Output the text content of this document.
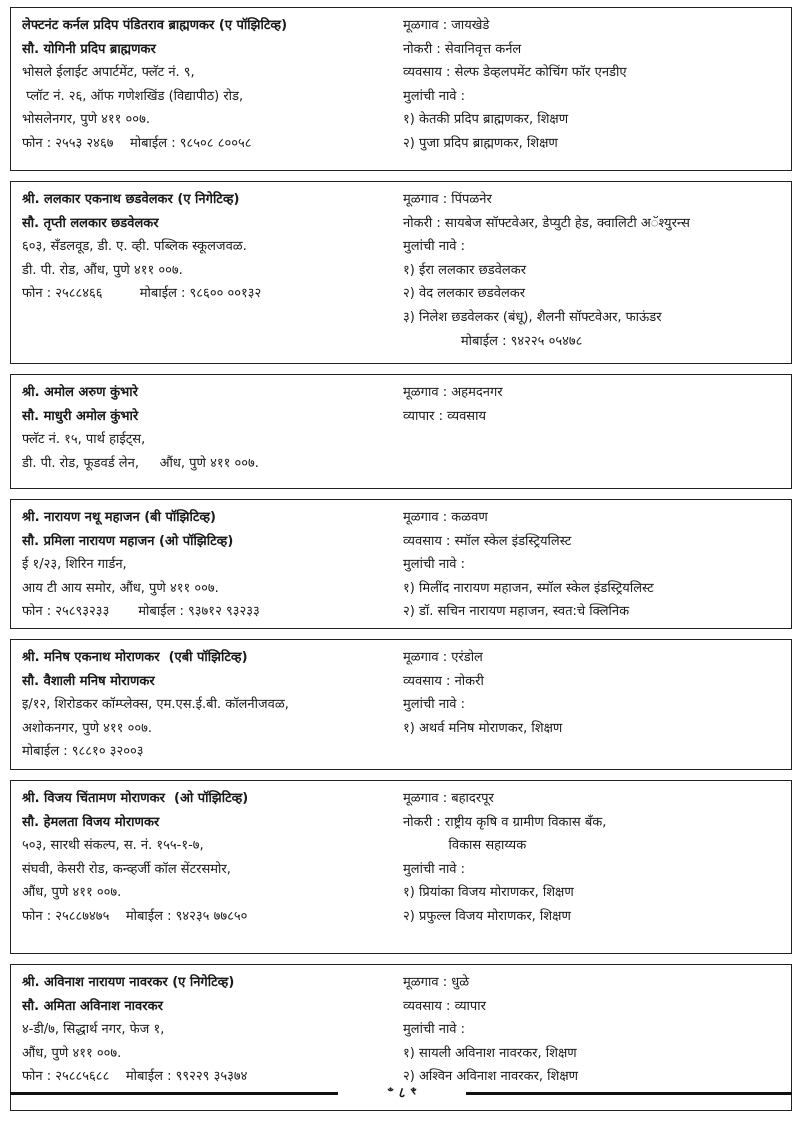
लेफ्टनंट कर्नल प्रदिप पंडितराव ब्राह्मणकर (ए पॉझिटिव्ह)
सौ. योगिनी प्रदिप ब्राह्मणकर
भोसले ईलाईट अपार्टमेंट, फ्लॅट नं. ९,
प्लॉट नं. २६, ऑफ गणेशखिंड (विद्यापीठ) रोड,
भोसलेनगर, पुणे ४११ ००७.
फोन : २५५३ २४६७    मोबाईल : ९८५०८ ८००५८
मूळगाव : जायखेडे
नोकरी : सेवानिवृत्त कर्नल
व्यवसाय : सेल्फ डेव्हलपमेंट कोचिंग फॉर एनडीए
मुलांची नावे :
१) केतकी प्रदिप ब्राह्मणकर, शिक्षण
२) पुजा प्रदिप ब्राह्मणकर, शिक्षण
श्री. ललकार एकनाथ छडवेलकर (ए निगेटिव्ह)
सौ. तृप्ती ललकार छडवेलकर
६०३, सँडलवूड, डी. ए. व्ही. पब्लिक स्कूलजवळ.
डी. पी. रोड, औंध, पुणे ४११ ००७.
फोन : २५८८४६६         मोबाईल : ९८६०० ००१३२
मूळगाव : पिंपळनेर
नोकरी : सायबेज सॉफ्टवेअर, डेप्युटी हेड, क्वालिटी अॅश्युरन्स
मुलांची नावे :
१) ईरा ललकार छडवेलकर
२) वेद ललकार छडवेलकर
३) निलेश छडवेलकर (बंधू), शैलनी सॉफ्टवेअर, फाऊंडर
मोबाईल : ९४२२५ ०५४७८
श्री. अमोल अरुण कुंभारे
सौ. माधुरी अमोल कुंभारे
फ्लॅट नं. १५, पार्थ हाईट्स,
डी. पी. रोड, फूडवर्ड लेन,     औंध, पुणे ४११ ००७.
मूळगाव : अहमदनगर
व्यापार : व्यवसाय
श्री. नारायण नथू महाजन (बी पॉझिटिव्ह)
सौ. प्रमिला नारायण महाजन (ओ पॉझिटिव्ह)
ई १/२३, शिरिन गार्डन,
आय टी आय समोर, औंध, पुणे ४११ ००७.
फोन : २५८९३२३३       मोबाईल : ९३७१२ ९३२३३
मूळगाव : कळवण
व्यवसाय : स्मॉल स्केल इंडस्ट्रियलिस्ट
मुलांची नावे :
१) मिलींद नारायण महाजन, स्मॉल स्केल इंडस्ट्रियलिस्ट
२) डॉ. सचिन नारायण महाजन, स्वत:चे क्लिनिक
श्री. मनिष एकनाथ मोराणकर  (एबी पॉझिटिव्ह)
सौ. वैशाली मनिष मोराणकर
इ/१२, शिरोडकर कॉम्प्लेक्स, एम.एस.ई.बी. कॉलनीजवळ,
अशोकनगर, पुणे ४११ ००७.
मोबाईल : ९८८१० ३२००३
मूळगाव : एरंडोल
व्यवसाय : नोकरी
मुलांची नावे :
१) अथर्व मनिष मोराणकर, शिक्षण
श्री. विजय चिंतामण मोराणकर  (ओ पॉझिटिव्ह)
सौ. हेमलता विजय मोराणकर
५०३, सारथी संकल्प, स. नं. १५५-१-७,
संघवी, केसरी रोड, कन्व्हर्जी कॉल सेंटरसमोर,
औंध, पुणे ४११ ००७.
फोन : २५८८७४७५    मोबाईल : ९४२३५ ७७८५०
मूळगाव : बहादरपूर
नोकरी : राष्ट्रीय कृषि व ग्रामीण विकास बँक,
विकास सहाय्यक
मुलांची नावे :
१) प्रियांका विजय मोराणकर, शिक्षण
२) प्रफुल्ल विजय मोराणकर, शिक्षण
श्री. अविनाश नारायण नावरकर (ए निगेटिव्ह)
सौ. अमिता अविनाश नावरकर
४-डी/७, सिद्धार्थ नगर, फेज १,
औंध, पुणे ४११ ००७.
फोन : २५८८५६८८    मोबाईल : ९९२२९ ३५३७४
मूळगाव : धुळे
व्यवसाय : व्यापार
मुलांची नावे :
१) सायली अविनाश नावरकर, शिक्षण
२) अश्विन अविनाश नावरकर, शिक्षण
ꣲ ८ ꣳ
